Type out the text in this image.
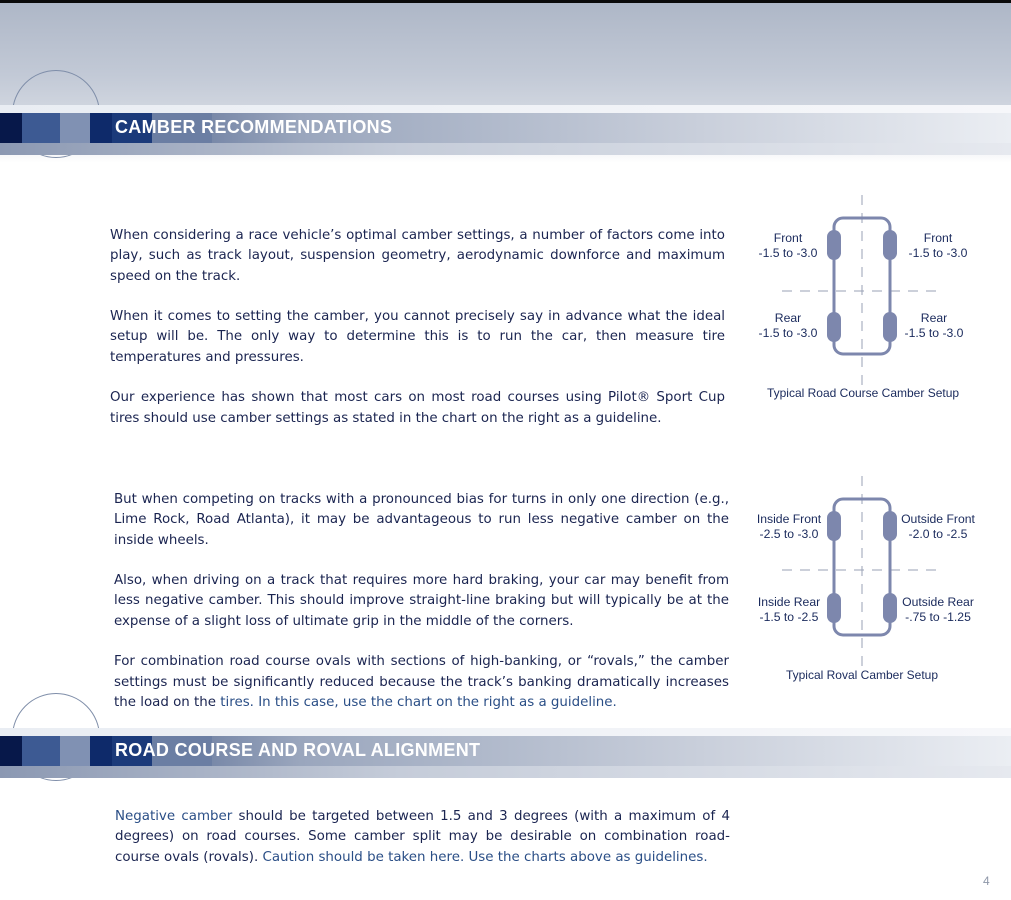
CAMBER RECOMMENDATIONS

When considering a race vehicle’s optimal camber settings, a number of factors come into play, such as track layout, suspension geometry, aerodynamic downforce and maximum speed on the track.

When it comes to setting the camber, you cannot precisely say in advance what the ideal setup will be. The only way to determine this is to run the car, then measure tire temperatures and pressures.

Our experience has shown that most cars on most road courses using Pilot® Sport Cup tires should use camber settings as stated in the chart on the right as a guideline.

Front
-1.5 to -3.0
Front
-1.5 to -3.0
Rear
-1.5 to -3.0
Rear
-1.5 to -3.0
Typical Road Course Camber Setup

But when competing on tracks with a pronounced bias for turns in only one direction (e.g., Lime Rock, Road Atlanta), it may be advantageous to run less negative camber on the inside wheels.

Also, when driving on a track that requires more hard braking, your car may benefit from less negative camber. This should improve straight-line braking but will typically be at the expense of a slight loss of ultimate grip in the middle of the corners.

For combination road course ovals with sections of high-banking, or “rovals,” the camber settings must be significantly reduced because the track’s banking dramatically increases the load on the tires. In this case, use the chart on the right as a guideline.

Inside Front
-2.5 to -3.0
Outside Front
-2.0 to -2.5
Inside Rear
-1.5 to -2.5
Outside Rear
-.75 to -1.25
Typical Roval Camber Setup
ROAD COURSE AND ROVAL ALIGNMENT

Negative camber should be targeted between 1.5 and 3 degrees (with a maximum of 4 degrees) on road courses. Some camber split may be desirable on combination road-course ovals (rovals). Caution should be taken here. Use the charts above as guidelines.

4
